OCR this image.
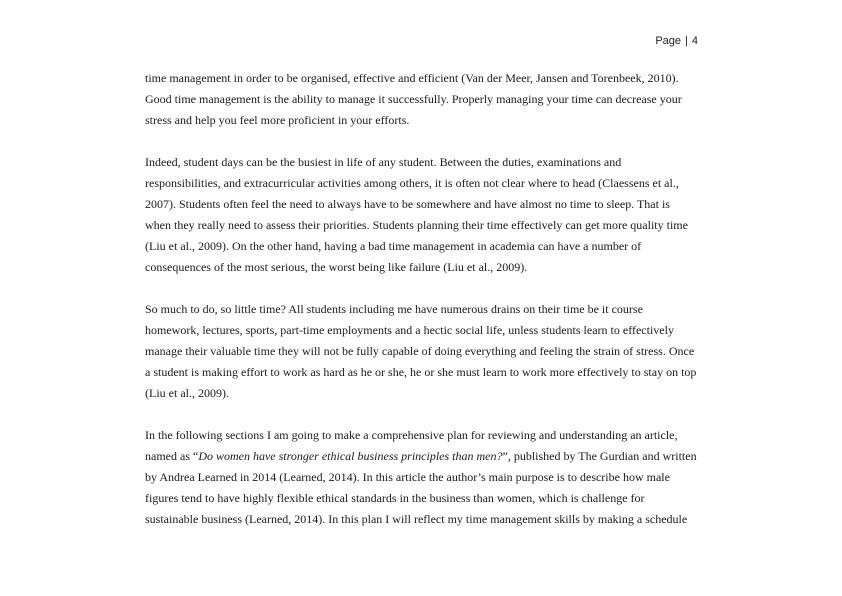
Page | 4
time management in order to be organised, effective and efficient (Van der Meer, Jansen and Torenbeek, 2010).
Good time management is the ability to manage it successfully. Properly managing your time can decrease your
stress and help you feel more proficient in your efforts.
Indeed, student days can be the busiest in life of any student. Between the duties, examinations and
responsibilities, and extracurricular activities among others, it is often not clear where to head (Claessens et al.,
2007). Students often feel the need to always have to be somewhere and have almost no time to sleep. That is
when they really need to assess their priorities. Students planning their time effectively can get more quality time
(Liu et al., 2009). On the other hand, having a bad time management in academia can have a number of
consequences of the most serious, the worst being like failure (Liu et al., 2009).
So much to do, so little time? All students including me have numerous drains on their time be it course
homework, lectures, sports, part-time employments and a hectic social life, unless students learn to effectively
manage their valuable time they will not be fully capable of doing everything and feeling the strain of stress. Once
a student is making effort to work as hard as he or she, he or she must learn to work more effectively to stay on top
(Liu et al., 2009).
In the following sections I am going to make a comprehensive plan for reviewing and understanding an article,
named as “Do women have stronger ethical business principles than men?”, published by The Gurdian and written
by Andrea Learned in 2014 (Learned, 2014). In this article the author’s main purpose is to describe how male
figures tend to have highly flexible ethical standards in the business than women, which is challenge for
sustainable business (Learned, 2014). In this plan I will reflect my time management skills by making a schedule
